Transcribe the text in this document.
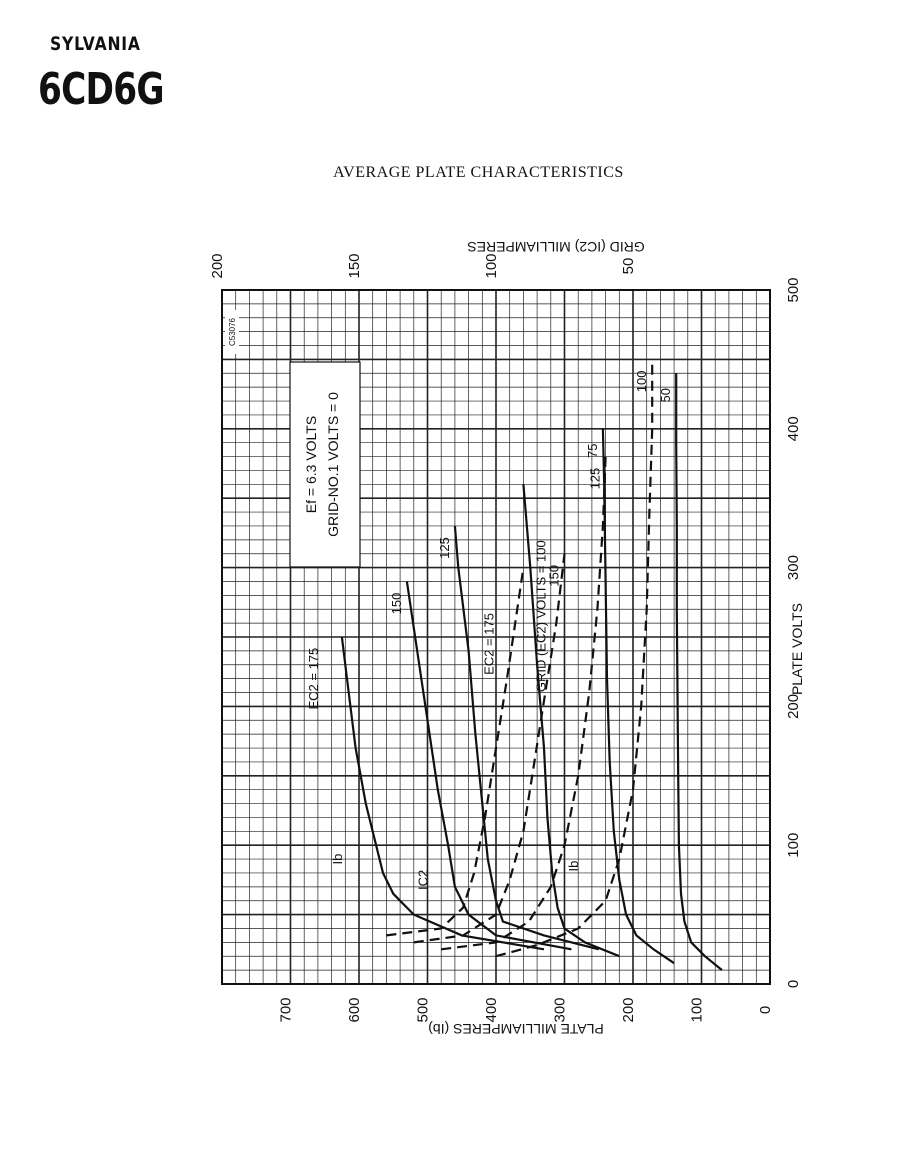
SYLVANIA
6CD6G
AVERAGE PLATE CHARACTERISTICS
0
100
200
300
400
500
0
100
200
300
400
500
600
700
50
100
150
200
PLATE VOLTS
PLATE MILLIAMPERES (Ib)
GRID (IC2) MILLIAMPERES
150
125
75
50
150
125
100
EC2 = 175	GRID (EC2) VOLTS = 100
Ib
Ib
IC2
EC2 = 175
Ef = 6.3 VOLTS GRID-NO.1 VOLTS = 0
C53076
